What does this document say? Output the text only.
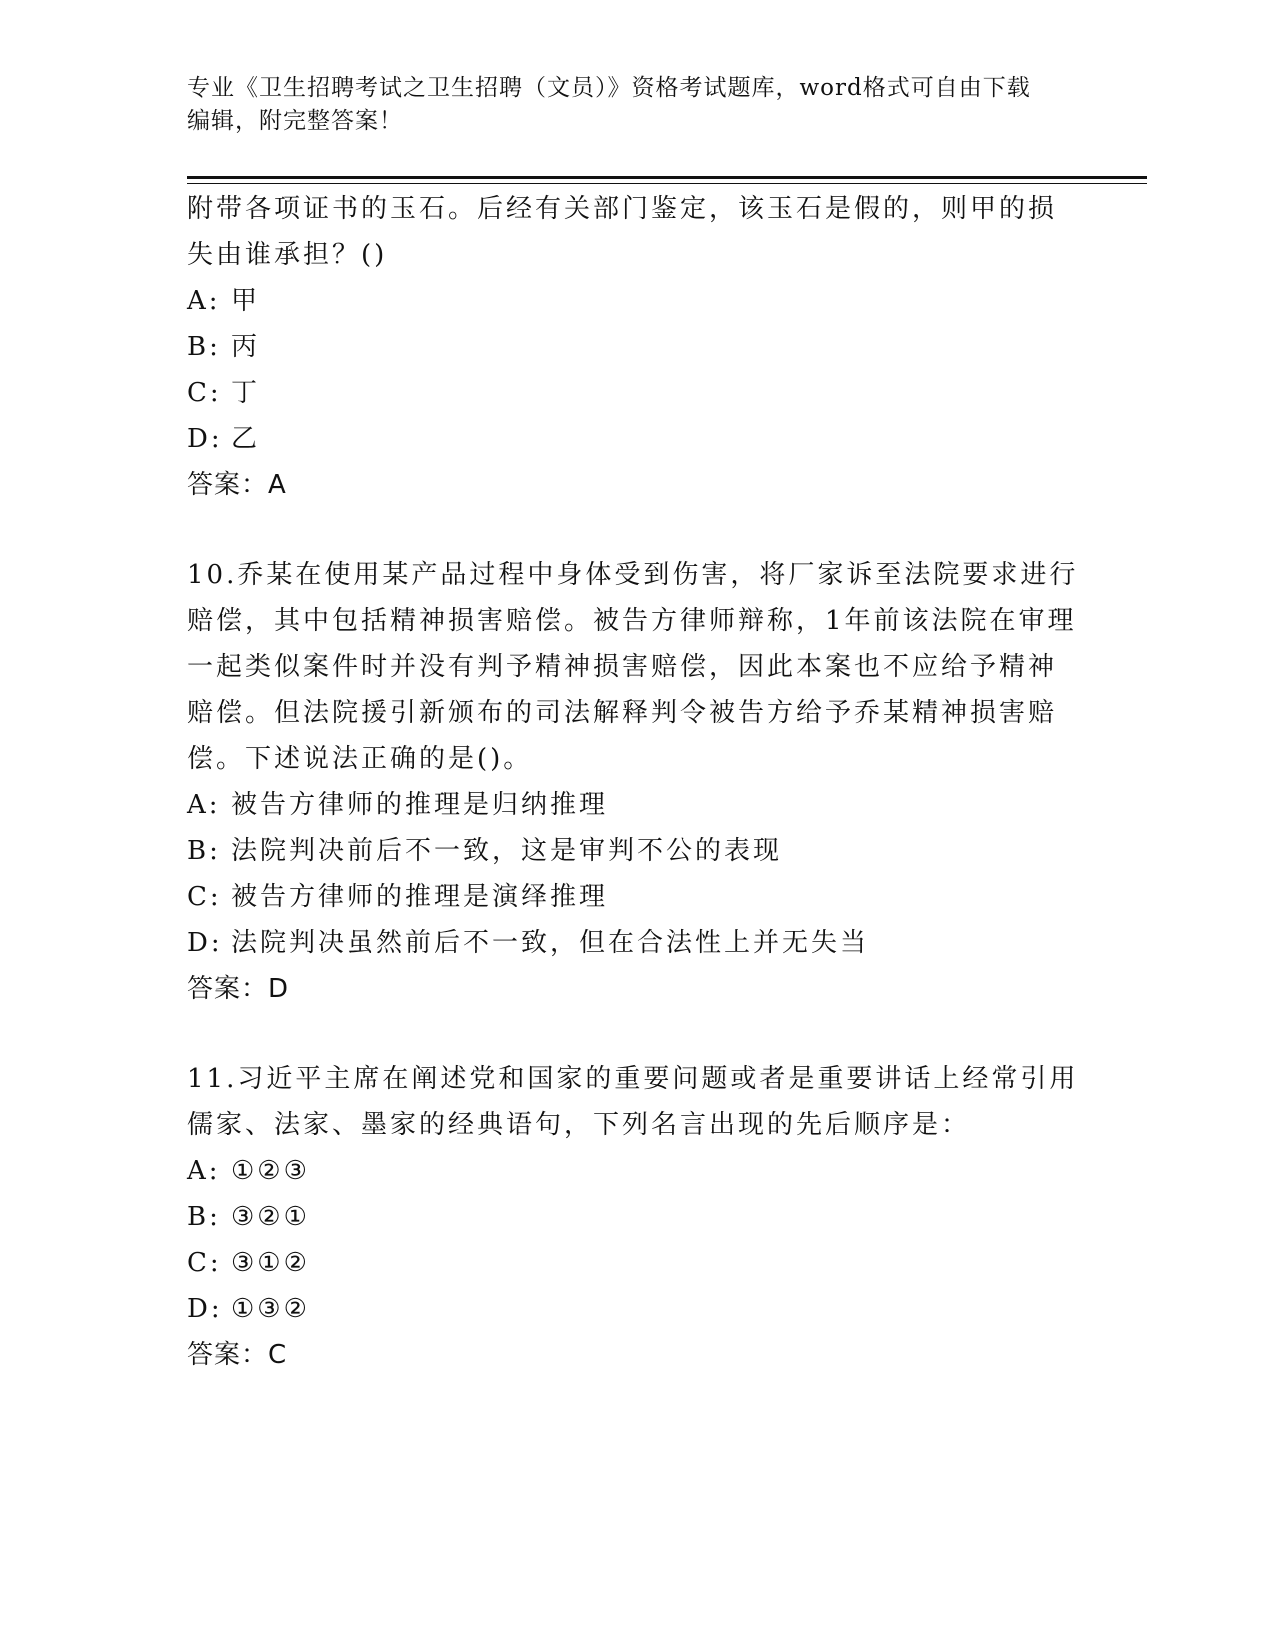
专业《卫生招聘考试之卫生招聘（文员）》资格考试题库，word格式可自由下载
编辑，附完整答案！

附带各项证书的玉石。后经有关部门鉴定，该玉石是假的，则甲的损

失由谁承担？()

A: 甲

B: 丙

C: 丁

D: 乙

答案：A

10.乔某在使用某产品过程中身体受到伤害，将厂家诉至法院要求进行

赔偿，其中包括精神损害赔偿。被告方律师辩称，1年前该法院在审理

一起类似案件时并没有判予精神损害赔偿，因此本案也不应给予精神

赔偿。但法院援引新颁布的司法解释判令被告方给予乔某精神损害赔

偿。下述说法正确的是()。

A: 被告方律师的推理是归纳推理

B: 法院判决前后不一致，这是审判不公的表现

C: 被告方律师的推理是演绎推理

D: 法院判决虽然前后不一致，但在合法性上并无失当

答案：D

11.习近平主席在阐述党和国家的重要问题或者是重要讲话上经常引用

儒家、法家、墨家的经典语句，下列名言出现的先后顺序是：

A: ①②③

B: ③②①

C: ③①②

D: ①③②

答案：C
